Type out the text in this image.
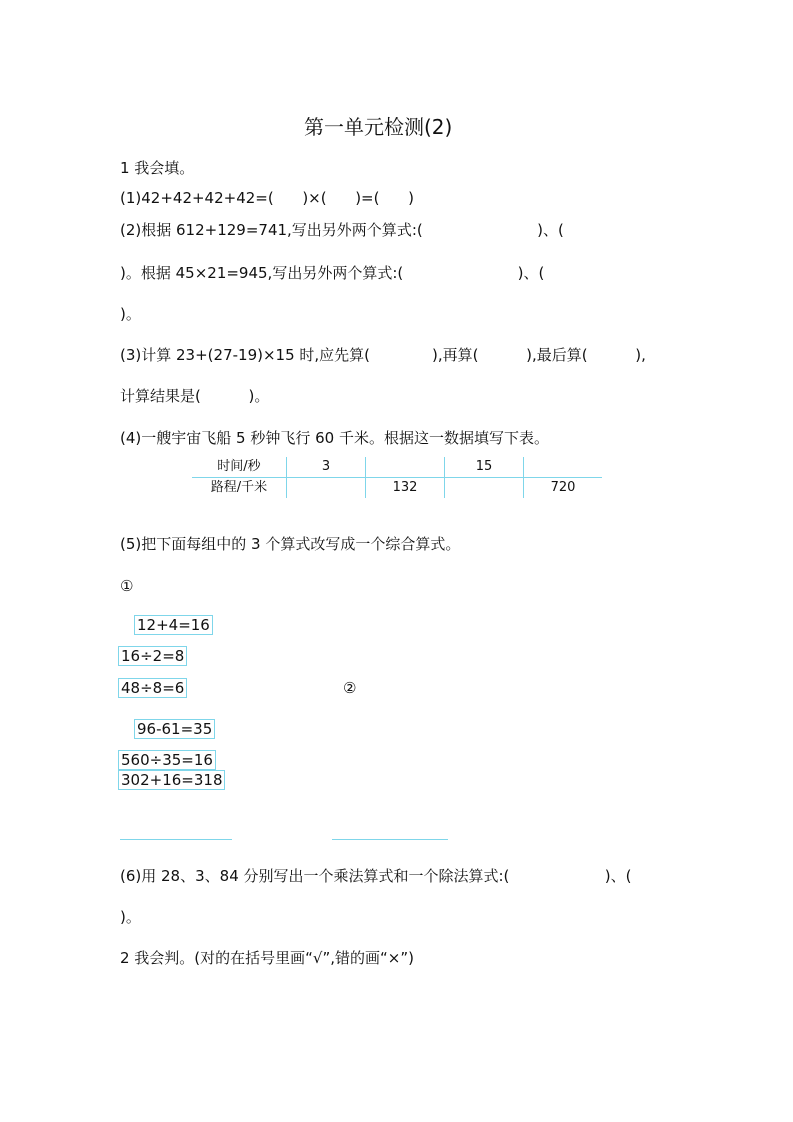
第一单元检测(2)
1 我会填。
(1)42+42+42+42=(      )×(      )=(      )
(2)根据 612+129=741,写出另外两个算式:(                        )、(
)。根据 45×21=945,写出另外两个算式:(                        )、(
)。
(3)计算 23+(27-19)×15 时,应先算(             ),再算(          ),最后算(          ),
计算结果是(          )。
(4)一艘宇宙飞船 5 秒钟飞行 60 千米。根据这一数据填写下表。
时间/秒	3		15	
路程/千米		132		720
(5)把下面每组中的 3 个算式改写成一个综合算式。
①
12+4=16
16÷2=8
48÷8=6	②
96-61=35
560÷35=16
302+16=318
(6)用 28、3、84 分别写出一个乘法算式和一个除法算式:(                    )、(
)。
2 我会判。(对的在括号里画“√”,错的画“×”)
